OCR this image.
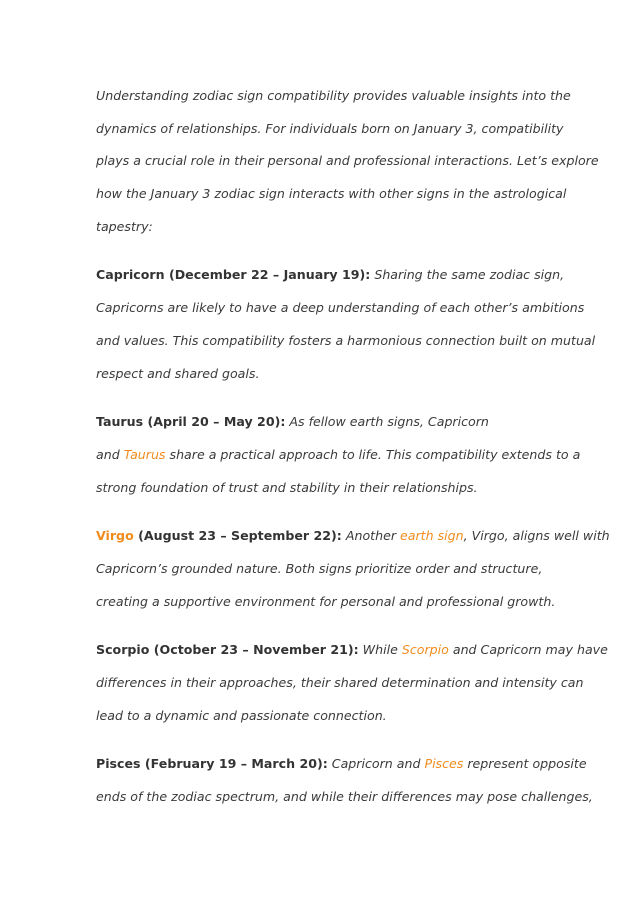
Understanding zodiac sign compatibility provides valuable insights into the

dynamics of relationships. For individuals born on January 3, compatibility

plays a crucial role in their personal and professional interactions. Let’s explore

how the January 3 zodiac sign interacts with other signs in the astrological

tapestry:

Capricorn (December 22 – January 19): Sharing the same zodiac sign,

Capricorns are likely to have a deep understanding of each other’s ambitions

and values. This compatibility fosters a harmonious connection built on mutual

respect and shared goals.

Taurus (April 20 – May 20): As fellow earth signs, Capricorn

and Taurus share a practical approach to life. This compatibility extends to a

strong foundation of trust and stability in their relationships.

Virgo (August 23 – September 22): Another earth sign, Virgo, aligns well with

Capricorn’s grounded nature. Both signs prioritize order and structure,

creating a supportive environment for personal and professional growth.

Scorpio (October 23 – November 21): While Scorpio and Capricorn may have

differences in their approaches, their shared determination and intensity can

lead to a dynamic and passionate connection.

Pisces (February 19 – March 20): Capricorn and Pisces represent opposite

ends of the zodiac spectrum, and while their differences may pose challenges,
